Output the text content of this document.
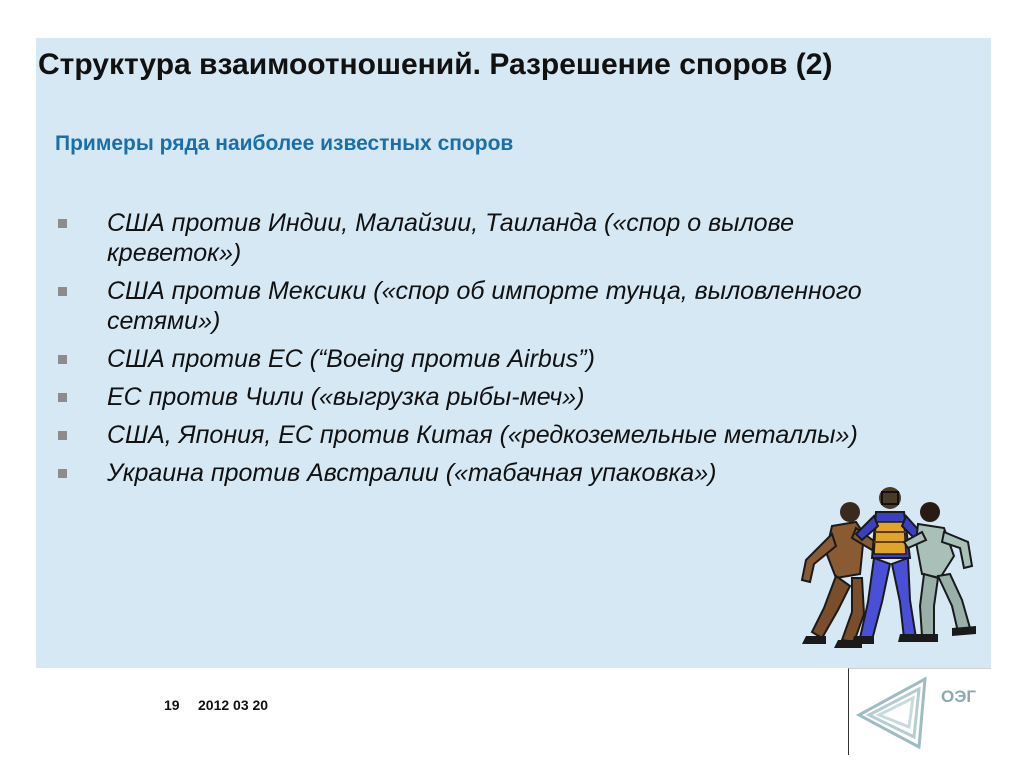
Структура взаимоотношений. Разрешение споров (2)
Примеры ряда наиболее известных споров
США против Индии, Малайзии, Таиланда («спор о вылове креветок»)
США против Мексики («спор об импорте тунца, выловленного сетями»)
США против ЕС (“Boeing против Airbus”)
ЕС против Чили («выгрузка рыбы-меч»)
США, Япония, ЕС против Китая («редкоземельные металлы»)
Украина против Австралии («табачная упаковка»)
19 2012 03 20	ОЭГ
